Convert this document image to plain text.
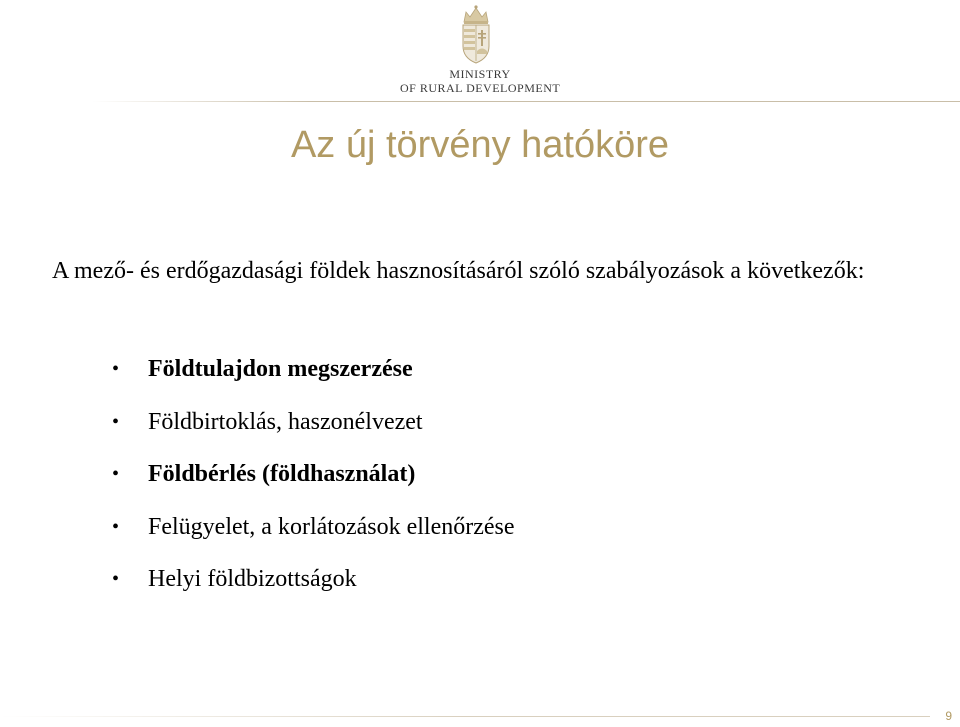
MINISTRY
OF RURAL DEVELOPMENT
Az új törvény hatóköre
A mező- és erdőgazdasági földek hasznosításáról szóló szabályozások a következők:
•	Földtulajdon megszerzése
•	Földbirtoklás, haszonélvezet
•	Földbérlés (földhasználat)
•	Felügyelet, a korlátozások ellenőrzése
•	Helyi földbizottságok
9
